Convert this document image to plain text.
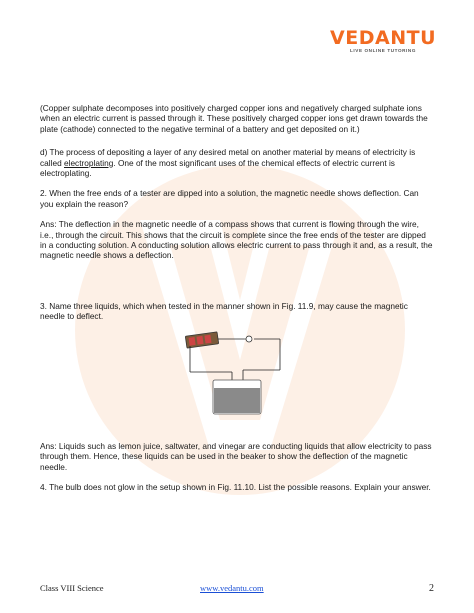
VEDANTU
LIVE ONLINE TUTORING

(Copper sulphate decomposes into positively charged copper ions and negatively charged sulphate ions when an electric current is passed through it. These positively charged copper ions get drawn towards the plate (cathode) connected to the negative terminal of a battery and get deposited on it.)

d) The process of depositing a layer of any desired metal on another material by means of electricity is called electroplating. One of the most significant uses of the chemical effects of electric current is electroplating.

2. When the free ends of a tester are dipped into a solution, the magnetic needle shows deflection. Can you explain the reason?

Ans: The deflection in the magnetic needle of a compass shows that current is flowing through the wire, i.e., through the circuit. This shows that the circuit is complete since the free ends of the tester are dipped in a conducting solution. A conducting solution allows electric current to pass through it and, as a result, the magnetic needle shows a deflection.

3. Name three liquids, which when tested in the manner shown in Fig. 11.9, may cause the magnetic needle to deflect.

Ans: Liquids such as lemon juice, saltwater, and vinegar are conducting liquids that allow electricity to pass through them. Hence, these liquids can be used in the beaker to show the deflection of the magnetic needle.

4. The bulb does not glow in the setup shown in Fig. 11.10. List the possible reasons. Explain your answer.

Class VIII Science	www.vedantu.com	2
